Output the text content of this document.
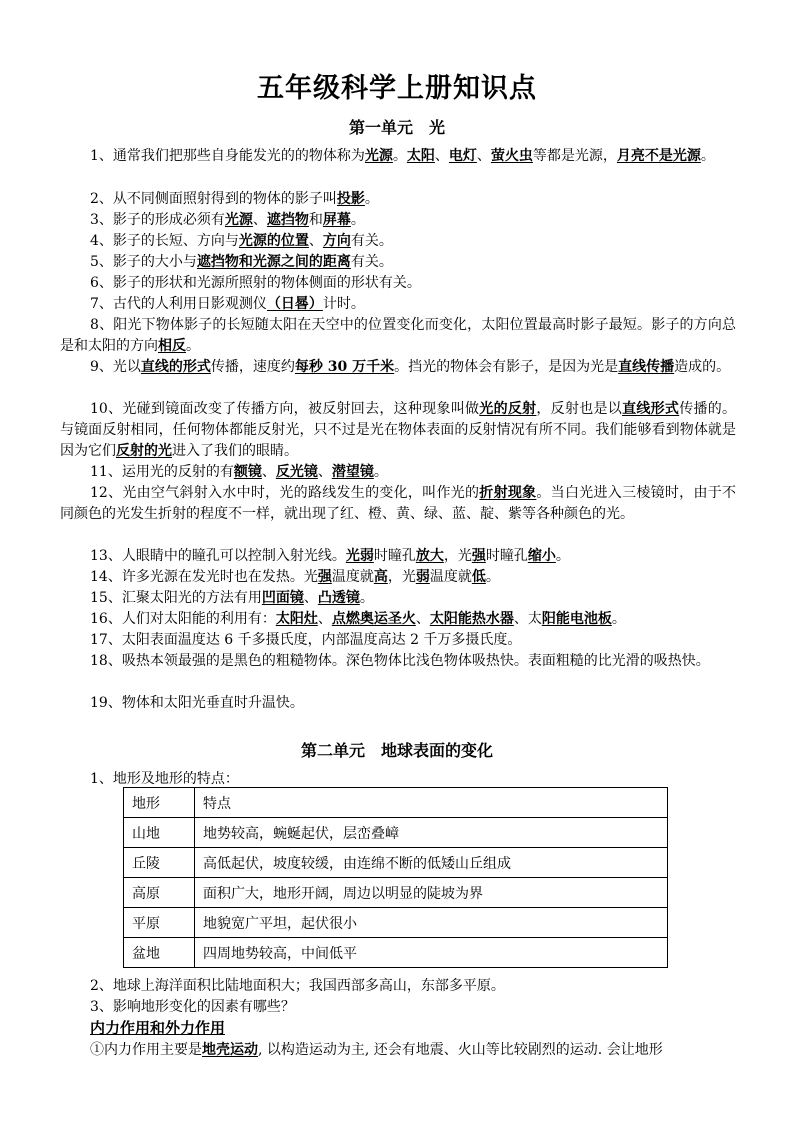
五年级科学上册知识点
第一单元　光
1、通常我们把那些自身能发光的的物体称为光源。太阳、电灯、萤火虫等都是光源，月亮不是光源。
2、从不同侧面照射得到的物体的影子叫投影。
3、影子的形成必须有光源、遮挡物和屏幕。
4、影子的长短、方向与光源的位置、方向有关。
5、影子的大小与遮挡物和光源之间的距离有关。
6、影子的形状和光源所照射的物体侧面的形状有关。
7、古代的人利用日影观测仪（日晷）计时。
8、阳光下物体影子的长短随太阳在天空中的位置变化而变化，太阳位置最高时影子最短。影子的方向总是和太阳的方向相反。
9、光以直线的形式传播，速度约每秒 30 万千米。挡光的物体会有影子，是因为光是直线传播造成的。
10、光碰到镜面改变了传播方向，被反射回去，这种现象叫做光的反射，反射也是以直线形式传播的。与镜面反射相同，任何物体都能反射光，只不过是光在物体表面的反射情况有所不同。我们能够看到物体就是因为它们反射的光进入了我们的眼睛。
11、运用光的反射的有额镜、反光镜、潜望镜。
12、光由空气斜射入水中时，光的路线发生的变化，叫作光的折射现象。当白光进入三棱镜时，由于不同颜色的光发生折射的程度不一样，就出现了红、橙、黄、绿、蓝、靛、紫等各种颜色的光。
13、人眼睛中的瞳孔可以控制入射光线。光弱时瞳孔放大，光强时瞳孔缩小。
14、许多光源在发光时也在发热。光强温度就高，光弱温度就低。
15、汇聚太阳光的方法有用凹面镜、凸透镜。
16、人们对太阳能的利用有：太阳灶、点燃奥运圣火、太阳能热水器、太阳能电池板。
17、太阳表面温度达 6 千多摄氏度，内部温度高达 2 千万多摄氏度。
18、吸热本领最强的是黑色的粗糙物体。深色物体比浅色物体吸热快。表面粗糙的比光滑的吸热快。
19、物体和太阳光垂直时升温快。
第二单元　地球表面的变化
1、地形及地形的特点：
地形	特点
山地	地势较高，蜿蜒起伏，层峦叠嶂
丘陵	高低起伏，坡度较缓，由连绵不断的低矮山丘组成
高原	面积广大，地形开阔，周边以明显的陡坡为界
平原	地貌宽广平坦，起伏很小
盆地	四周地势较高，中间低平
2、地球上海洋面积比陆地面积大；我国西部多高山，东部多平原。
3、影响地形变化的因素有哪些？
内力作用和外力作用
①内力作用主要是地壳运动, 以构造运动为主, 还会有地震、火山等比较剧烈的运动. 会让地形
